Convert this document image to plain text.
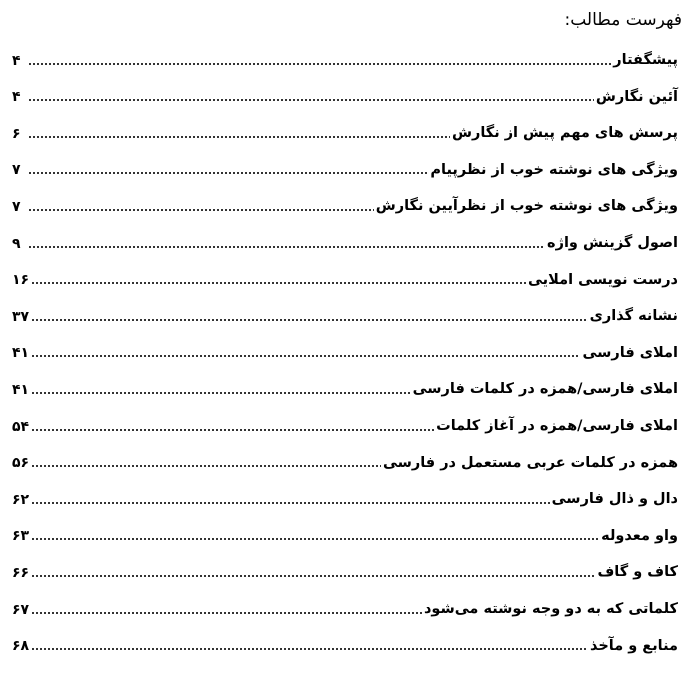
فهرست مطالب:
پیشگفتار
۴
آئین نگارش
۴
پرسش های مهم پیش از نگارش
۶
ویژگی های نوشته خوب از نظرپیام
۷
ویژگی های نوشته خوب از نظرآیین نگارش
۷
اصول گزینش واژه
۹
درست نویسی املایی
۱۶
نشانه گذاری
۳۷
املای فارسی
۴۱
املای فارسی/همزه در کلمات فارسی
۴۱
املای فارسی/همزه در آغاز کلمات
۵۴
همزه در کلمات عربی مستعمل در فارسی
۵۶
دال و ذال فارسی
۶۲
واو معدوله
۶۳
کاف و گاف
۶۶
کلماتی که به دو وجه نوشته می‌شود
۶۷
منابع و مآخذ
۶۸
